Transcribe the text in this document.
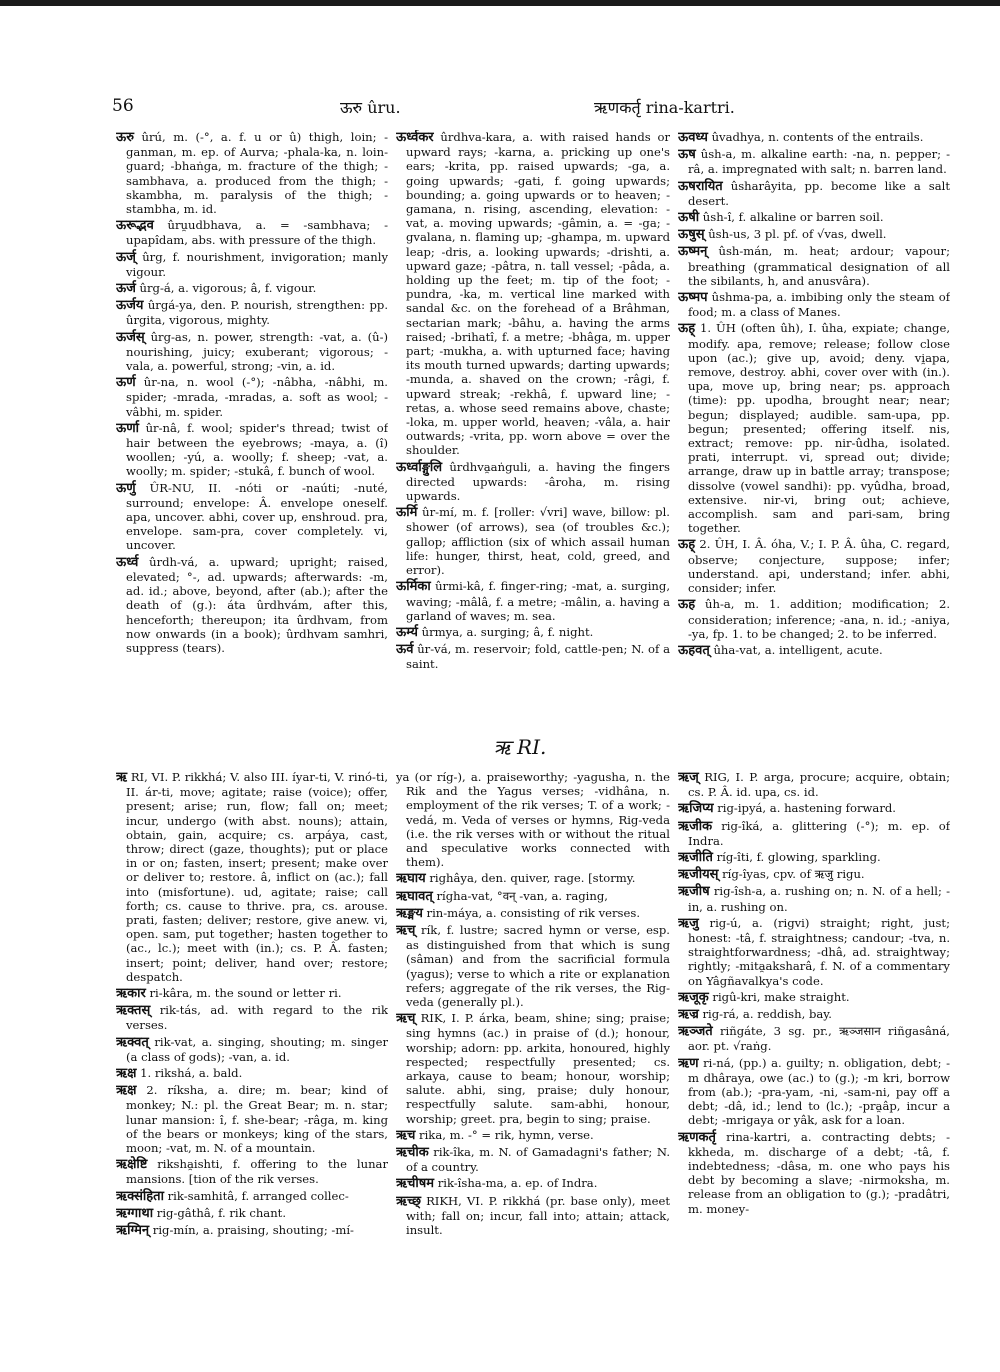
56	ऊरु ûru.	ऋणकर्तृ rina-kartri.

ऊरु ûrú, m. (-°, a. f. u or û) thigh, loin; -ganman, m. ep. of Aurva; -phala-ka, n. loin-guard; -bhaṅga, m. fracture of the thigh; -sambhava, a. produced from the thigh; -skambha, m. paralysis of the thigh; -stambha, m. id.

ऊरूद्भव ûru̯udbhava, a. = -sambhava; -upapîdam, abs. with pressure of the thigh.

ऊर्ज् ûrg, f. nourishment, invigoration; manly vigour.

ऊर्ज ûrg-á, a. vigorous; â, f. vigour.

ऊर्जय ûrgá-ya, den. P. nourish, strengthen: pp. ûrgita, vigorous, mighty.

ऊर्जस् ûrg-as, n. power, strength: -vat, a. (û-) nourishing, juicy; exuberant; vigorous; -vala, a. powerful, strong; -vin, a. id.

ऊर्ण ûr-na, n. wool (-°); -nâbha, -nâbhi, m. spider; -mrada, -mradas, a. soft as wool; -vâbhi, m. spider.

ऊर्णा ûr-nâ, f. wool; spider's thread; twist of hair between the eyebrows; -maya, a. (î) woollen; -yú, a. woolly; f. sheep; -vat, a. woolly; m. spider; -stukâ, f. bunch of wool.

ऊर्णु ÛR-NU, II. -nóti or -naúti; -nuté, surround; envelope: Â. envelope oneself. apa, uncover. abhi, cover up, enshroud. pra, envelope. sam-pra, cover completely. vi, uncover.

ऊर्ध्व ûrdh-vá, a. upward; upright; raised, elevated; °-, ad. upwards; afterwards: -m, ad. id.; above, beyond, after (ab.); after the death of (g.): áta ûrdhvám, after this, henceforth; thereupon; ita ûrdhvam, from now onwards (in a book); ûrdhvam samhri, suppress (tears).

ऊर्ध्वकर ûrdhva-kara, a. with raised hands or upward rays; -karna, a. pricking up one's ears; -krita, pp. raised upwards; -ga, a. going upwards; -gati, f. going upwards; bounding; a. going upwards or to heaven; -gamana, n. rising, ascending, elevation: -vat, a. moving upwards; -gâmin, a. = -ga; -gvalana, n. flaming up; -ghampa, m. upward leap; -dris, a. looking upwards; -drishti, a. upward gaze; -pâtra, n. tall vessel; -pâda, a. holding up the feet; m. tip of the foot; -pundra, -ka, m. vertical line marked with sandal &c. on the forehead of a Brâhman, sectarian mark; -bâhu, a. having the arms raised; -brihatî, f. a metre; -bhâga, m. upper part; -mukha, a. with upturned face; having its mouth turned upwards; darting upwards; -munda, a. shaved on the crown; -râgi, f. upward streak; -rekhâ, f. upward line; -retas, a. whose seed remains above, chaste; -loka, m. upper world, heaven; -vâla, a. hair outwards; -vrita, pp. worn above = over the shoulder.

ऊर्ध्वाङ्गुलि ûrdhva̯aṅguli, a. having the fingers directed upwards: -âroha, m. rising upwards.

ऊर्मि ûr-mí, m. f. [roller: √vri] wave, billow: pl. shower (of arrows), sea (of troubles &c.); gallop; affliction (six of which assail human life: hunger, thirst, heat, cold, greed, and error).

ऊर्मिका ûrmi-kâ, f. finger-ring; -mat, a. surging, waving; -mâlâ, f. a metre; -mâlin, a. having a garland of waves; m. sea.

ऊर्म्य ûrmya, a. surging; â, f. night.

ऊर्व ûr-vá, m. reservoir; fold, cattle-pen; N. of a saint.

ऊवध्य ûvadhya, n. contents of the entrails.

ऊष ûsh-a, m. alkaline earth: -na, n. pepper; -râ, a. impregnated with salt; n. barren land.

ऊषरायित ûsharâyita, pp. become like a salt desert.

ऊषी ûsh-î, f. alkaline or barren soil.

ऊषुस् ûsh-us, 3 pl. pf. of √vas, dwell.

ऊष्मन् ûsh-mán, m. heat; ardour; vapour; breathing (grammatical designation of all the sibilants, h, and anusvâra).

ऊष्मप ûshma-pa, a. imbibing only the steam of food; m. a class of Manes.

ऊह् 1. ÛH (often ûh), I. ûha, expiate; change, modify. apa, remove; release; follow close upon (ac.); give up, avoid; deny. vi̯apa, remove, destroy. abhi, cover over with (in.). upa, move up, bring near; ps. approach (time): pp. upodha, brought near; near; begun; displayed; audible. sam-upa, pp. begun; presented; offering itself. nis, extract; remove: pp. nir-ûdha, isolated. prati, interrupt. vi, spread out; divide; arrange, draw up in battle array; transpose; dissolve (vowel sandhi): pp. vyûdha, broad, extensive. nir-vi, bring out; achieve, accomplish. sam and pari-sam, bring together.

ऊह् 2. ÛH, I. Â. óha, V.; I. P. Â. ûha, C. regard, observe; conjecture, suppose; infer; understand. api, understand; infer. abhi, consider; infer.

ऊह ûh-a, m. 1. addition; modification; 2. consideration; inference; -ana, n. id.; -aniya, -ya, fp. 1. to be changed; 2. to be inferred.

ऊहवत् ûha-vat, a. intelligent, acute.

ऋ RI.

ऋ RI, VI. P. rikkhá; V. also III. íyar-ti, V. rinó-ti, II. ár-ti, move; agitate; raise (voice); offer, present; arise; run, flow; fall on; meet; incur, undergo (with abst. nouns); attain, obtain, gain, acquire; cs. arpáya, cast, throw; direct (gaze, thoughts); put or place in or on; fasten, insert; present; make over or deliver to; restore. â, inflict on (ac.); fall into (misfortune). ud, agitate; raise; call forth; cs. cause to thrive. pra, cs. arouse. prati, fasten; deliver; restore, give anew. vi, open. sam, put together; hasten together to (ac., lc.); meet with (in.); cs. P. Â. fasten; insert; point; deliver, hand over; restore; despatch.

ऋकार ri-kâra, m. the sound or letter ri.

ऋक्तस् rik-tás, ad. with regard to the rik verses.

ऋक्वत् rik-vat, a. singing, shouting; m. singer (a class of gods); -van, a. id.

ऋक्ष 1. rikshá, a. bald.

ऋक्ष 2. ríksha, a. dire; m. bear; kind of monkey; N.: pl. the Great Bear; m. n. star; lunar mansion: î, f. she-bear; -râga, m. king of the bears or monkeys; king of the stars, moon; -vat, m. N. of a mountain.

ऋक्षेष्टि riksha̯ishti, f. offering to the lunar mansions. [tion of the rik verses.

ऋक्संहिता rik-samhitâ, f. arranged collec-

ऋग्गाथा rig-gâthâ, f. rik chant.

ऋग्मिन् rig-mín, a. praising, shouting; -mí-

ya (or ríg-), a. praiseworthy; -yagusha, n. the Rik and the Yagus verses; -vidhâna, n. employment of the rik verses; T. of a work; -vedá, m. Veda of verses or hymns, Rig-veda (i.e. the rik verses with or without the ritual and speculative works connected with them).

ऋघाय righâya, den. quiver, rage. [stormy.

ऋघावत् rígha-vat, °वन् -van, a. raging,

ऋङ्मय rin-máya, a. consisting of rik verses.

ऋच् rík, f. lustre; sacred hymn or verse, esp. as distinguished from that which is sung (sâman) and from the sacrificial formula (yagus); verse to which a rite or explanation refers; aggregate of the rik verses, the Rig-veda (generally pl.).

ऋच् RIK, I. P. árka, beam, shine; sing; praise; sing hymns (ac.) in praise of (d.); honour, worship; adorn: pp. arkita, honoured, highly respected; respectfully presented; cs. arkaya, cause to beam; honour, worship; salute. abhi, sing, praise; duly honour, respectfully salute. sam-abhi, honour, worship; greet. pra, begin to sing; praise.

ऋच rika, m. -° = rik, hymn, verse.

ऋचीक rik-îka, m. N. of Gamadagni's father; N. of a country.

ऋचीषम rik-îsha-ma, a. ep. of Indra.

ऋच्छ् RIKH, VI. P. rikkhá (pr. base only), meet with; fall on; incur, fall into; attain; attack, insult.

ऋज् RIG, I. P. arga, procure; acquire, obtain; cs. P. Â. id. upa, cs. id.

ऋजिप्य rig-ipyá, a. hastening forward.

ऋजीक rig-îká, a. glittering (-°); m. ep. of Indra.

ऋजीति ríg-îti, f. glowing, sparkling.

ऋजीयस् ríg-îyas, cpv. of ऋजु rigu.

ऋजीष rig-îsh-a, a. rushing on; n. N. of a hell; -in, a. rushing on.

ऋजु rig-ú, a. (rigvi) straight; right, just; honest: -tâ, f. straightness; candour; -tva, n. straightforwardness; -dhâ, ad. straightway; rightly; -mita̯aksharâ, f. N. of a commentary on Yâgñavalkya's code.

ऋजूकृ rigû-kri, make straight.

ऋज्र rig-rá, a. reddish, bay.

ऋञ्जते riñgáte, 3 sg. pr., ऋञ्जसान riñgasâná, aor. pt. √raṅg.

ऋण ri-ná, (pp.) a. guilty; n. obligation, debt; -m dhâraya, owe (ac.) to (g.); -m kri, borrow from (ab.); -pra-yam, -ni, -sam-ni, pay off a debt; -dâ, id.; lend to (lc.); -pra̯âp, incur a debt; -mrigaya or yâk, ask for a loan.

ऋणकर्तृ rina-kartri, a. contracting debts; -kkheda, m. discharge of a debt; -tâ, f. indebtedness; -dâsa, m. one who pays his debt by becoming a slave; -nirmoksha, m. release from an obligation to (g.); -pradâtri, m. money-
